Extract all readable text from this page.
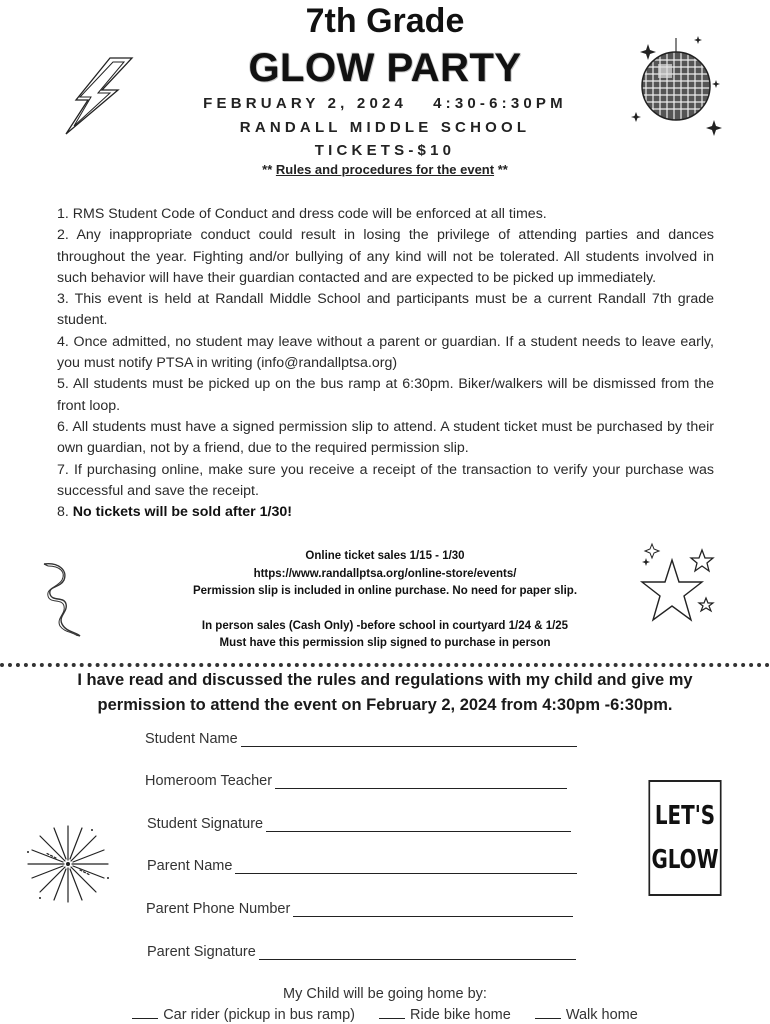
7th Grade
GLOW PARTY
FEBRUARY 2, 2024 4:30-6:30PM
RANDALL MIDDLE SCHOOL
TICKETS-$10
** Rules and procedures for the event **

1. RMS Student Code of Conduct and dress code will be enforced at all times.

2. Any inappropriate conduct could result in losing the privilege of attending parties and dances throughout the year. Fighting and/or bullying of any kind will not be tolerated. All students involved in such behavior will have their guardian contacted and are expected to be picked up immediately.

3. This event is held at Randall Middle School and participants must be a current Randall 7th grade student.

4. Once admitted, no student may leave without a parent or guardian. If a student needs to leave early, you must notify PTSA in writing (info@randallptsa.org)

5. All students must be picked up on the bus ramp at 6:30pm. Biker/walkers will be dismissed from the front loop.

6. All students must have a signed permission slip to attend. A student ticket must be purchased by their own guardian, not by a friend, due to the required permission slip.

7. If purchasing online, make sure you receive a receipt of the transaction to verify your purchase was successful and save the receipt.

8. No tickets will be sold after 1/30!

Online ticket sales 1/15 - 1/30

https://www.randallptsa.org/online-store/events/

Permission slip is included in online purchase. No need for paper slip.

In person sales (Cash Only) -before school in courtyard 1/24 & 1/25

Must have this permission slip signed to purchase in person

I have read and discussed the rules and regulations with my child and give my permission to attend the event on February 2, 2024 from 4:30pm -6:30pm.
Student Name
Homeroom Teacher
Student Signature
Parent Name
Parent Phone Number
Parent Signature
LET'S
GLOW
My Child will be going home by:
Car rider (pickup in bus ramp)	Ride bike home	Walk home
